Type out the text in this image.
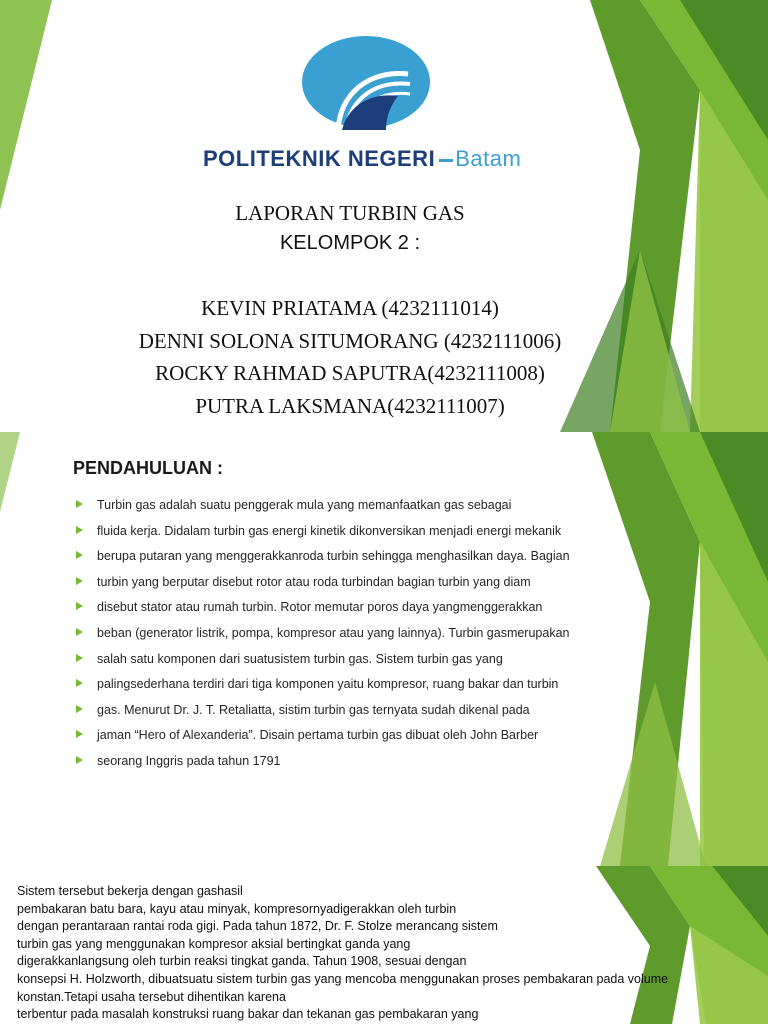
POLITEKNIK NEGERI Batam
LAPORAN TURBIN GAS
KELOMPOK 2 :
KEVIN PRIATAMA (4232111014)
DENNI SOLONA SITUMORANG (4232111006)
ROCKY RAHMAD SAPUTRA(4232111008)
PUTRA LAKSMANA(4232111007)
PENDAHULUAN :
Turbin gas adalah suatu penggerak mula yang memanfaatkan gas sebagai
fluida kerja. Didalam turbin gas energi kinetik dikonversikan menjadi energi mekanik
berupa putaran yang menggerakkanroda turbin sehingga menghasilkan daya. Bagian
turbin yang berputar disebut rotor atau roda turbindan bagian turbin yang diam
disebut stator atau rumah turbin. Rotor memutar poros daya yangmenggerakkan
beban (generator listrik, pompa, kompresor atau yang lainnya). Turbin gasmerupakan
salah satu komponen dari suatusistem turbin gas. Sistem turbin gas yang
palingsederhana terdiri dari tiga komponen yaitu kompresor, ruang bakar dan turbin
gas. Menurut Dr. J. T. Retaliatta, sistim turbin gas ternyata sudah dikenal pada
jaman “Hero of Alexanderia”. Disain pertama turbin gas dibuat oleh John Barber
seorang Inggris pada tahun 1791
Sistem tersebut bekerja dengan gashasil
pembakaran batu bara, kayu atau minyak, kompresornyadigerakkan oleh turbin
dengan perantaraan rantai roda gigi. Pada tahun 1872, Dr. F. Stolze merancang sistem
turbin gas yang menggunakan kompresor aksial bertingkat ganda yang
digerakkanlangsung oleh turbin reaksi tingkat ganda. Tahun 1908, sesuai dengan
konsepsi H. Holzworth, dibuatsuatu sistem turbin gas yang mencoba menggunakan proses pembakaran pada volume
konstan.Tetapi usaha tersebut dihentikan karena
terbentur pada masalah konstruksi ruang bakar dan tekanan gas pembakaran yang
